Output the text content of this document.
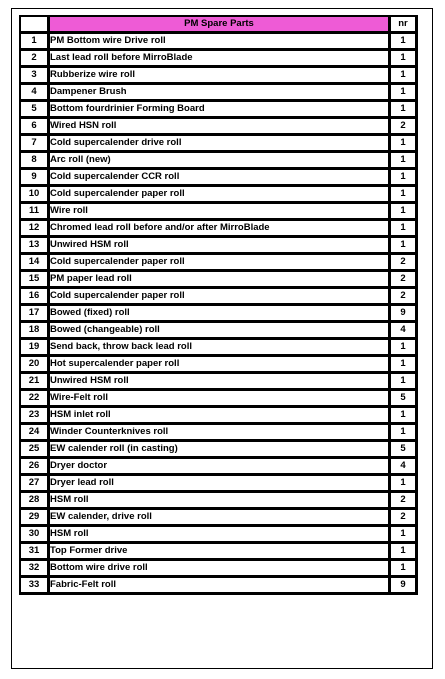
	PM Spare Parts	nr
1	PM Bottom wire Drive roll	1
2	Last lead roll before MirroBlade	1
3	Rubberize wire roll	1
4	Dampener Brush	1
5	Bottom fourdrinier Forming Board	1
6	Wired HSN roll	2
7	Cold supercalender drive roll	1
8	Arc roll (new)	1
9	Cold supercalender CCR roll	1
10	Cold supercalender paper roll	1
11	Wire roll	1
12	Chromed lead roll before and/or after MirroBlade	1
13	Unwired HSM roll	1
14	Cold supercalender paper roll	2
15	PM paper lead roll	2
16	Cold supercalender paper roll	2
17	Bowed (fixed) roll	9
18	Bowed (changeable) roll	4
19	Send back, throw back lead roll	1
20	Hot supercalender paper roll	1
21	Unwired HSM roll	1
22	Wire-Felt roll	5
23	HSM inlet roll	1
24	Winder Counterknives roll	1
25	EW calender roll (in casting)	5
26	Dryer doctor	4
27	Dryer lead roll	1
28	HSM roll	2
29	EW calender, drive roll	2
30	HSM roll	1
31	Top Former drive	1
32	Bottom wire drive roll	1
33	Fabric-Felt roll	9
